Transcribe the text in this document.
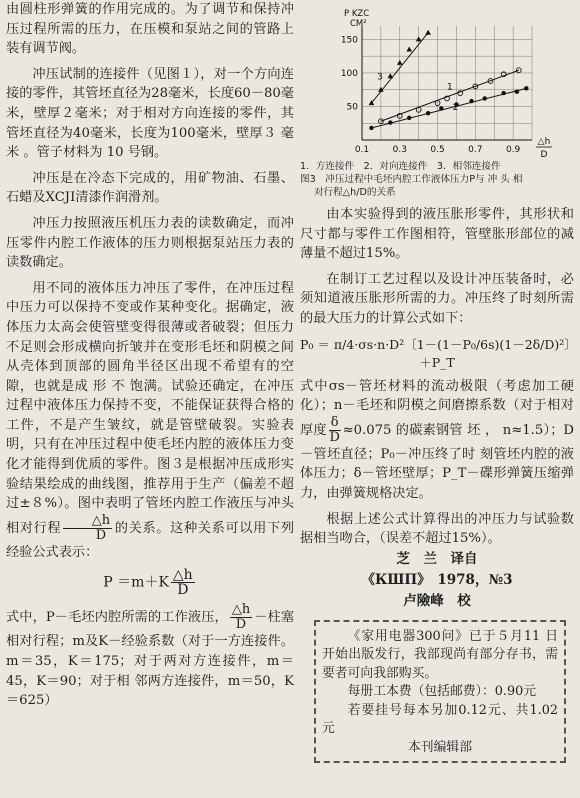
由圆柱形弹簧的作用完成的。为了调节和保持冲压过程所需的压力，在压模和泵站之间的管路上装有调节阀。

冲压试制的连接件（见图１），对一个方向连接的零件，其管坯直径为28毫米，长度60－80毫米，壁厚２毫米；对于相对方向连接的零件，其管坯直径为40毫米，长度为100毫米，壁厚３ 毫米 。管子材料为 10 号钢。

冲压是在冷态下完成的，用矿物油、石墨、石蜡及XCJI清漆作润滑剂。

冲压力按照液压机压力表的读数确定，而冲压零件内腔工作液体的压力则根据泵站压力表的读数确定。

用不同的液体压力冲压了零件，在冲压过程中压力可以保持不变或作某种变化。据确定，液体压力太高会使管壁变得很薄或者破裂；但压力不足则会形成横向折皱并在变形毛坯和阴模之间从壳体到顶部的圆角半径区出现不希望有的空隙，也就是成 形 不 饱满。试验还确定，在冲压过程中液体压力保持不变，不能保证获得合格的工件，不是产生皱纹，就是管壁破裂。实验表明，只有在冲压过程中使毛坯内腔的液体压力变化才能得到优质的零件。图３是根据冲压成形实验结果绘成的曲线图，推荐用于生产（偏差不超过±８%）。图中表明了管坯内腔工作液压与冲头相对行程 $\frac{\triangle h}{D}$ 的关系。这种关系可以用下列经验公式表示：

$P =m+K \frac{\triangle h}{D}$

式中，P－毛坯内腔所需的工作液压， $\frac{\triangle h}{D}$ －柱塞相对行程；m及K－经验系数（对于一方连接件。m＝35，K＝175；对于两对方连接件，m＝45，K＝90；对于相 邻两方连接件，m＝50，K＝625）

0.1	0.3	0.5	0.7	0.9
150
100
50
P KZC
CM²
△h
D
1
2
3
1．方连接件　2．对向连接件　3．相邻连接件
图3　冲压过程中毛坯内腔工作液体压力P与 冲 头 相
对行程△h/D的关系

由本实验得到的液压胀形零件，其形状和尺寸都与零件工作图相符，管壁胀形部位的减薄量不超过15%。

在制订工艺过程以及设计冲压装备时，必须知道液压胀形所需的力。冲压终了时刻所需的最大压力的计算公式如下：

P₀ ＝ π/4·σs·n·D²〔1－(1－P₀/6s)(1－2δ/D)²〕
＋P_T

式中σs－管坯材料的流动极限（考虑加工硬化）；n－毛坯和阴模之间磨擦系数（对于相对厚度 $\frac{\delta}{D} \approx 0.075$ 的碳素钢管 坯 ， n≈1.5）；D－管坯直径；P₀－冲压终了时 刻管坯内腔的液体压力；δ－管坯壁厚；P_T－碟形弹簧压缩弹力，由弹簧规格决定。

根据上述公式计算得出的冲压力与试验数据相当吻合，（误差不超过15%）。

芝　兰　译自
《КШП》　1978，№3
卢險峰　校

《家用电器300问》已于５月11 日开始出版发行，我部现尚有部分存书，需要者可向我部购买。

每册工本费（包括邮费）：0.90元

若要挂号每本另加0.12元、共1.02元

本刊编辑部
